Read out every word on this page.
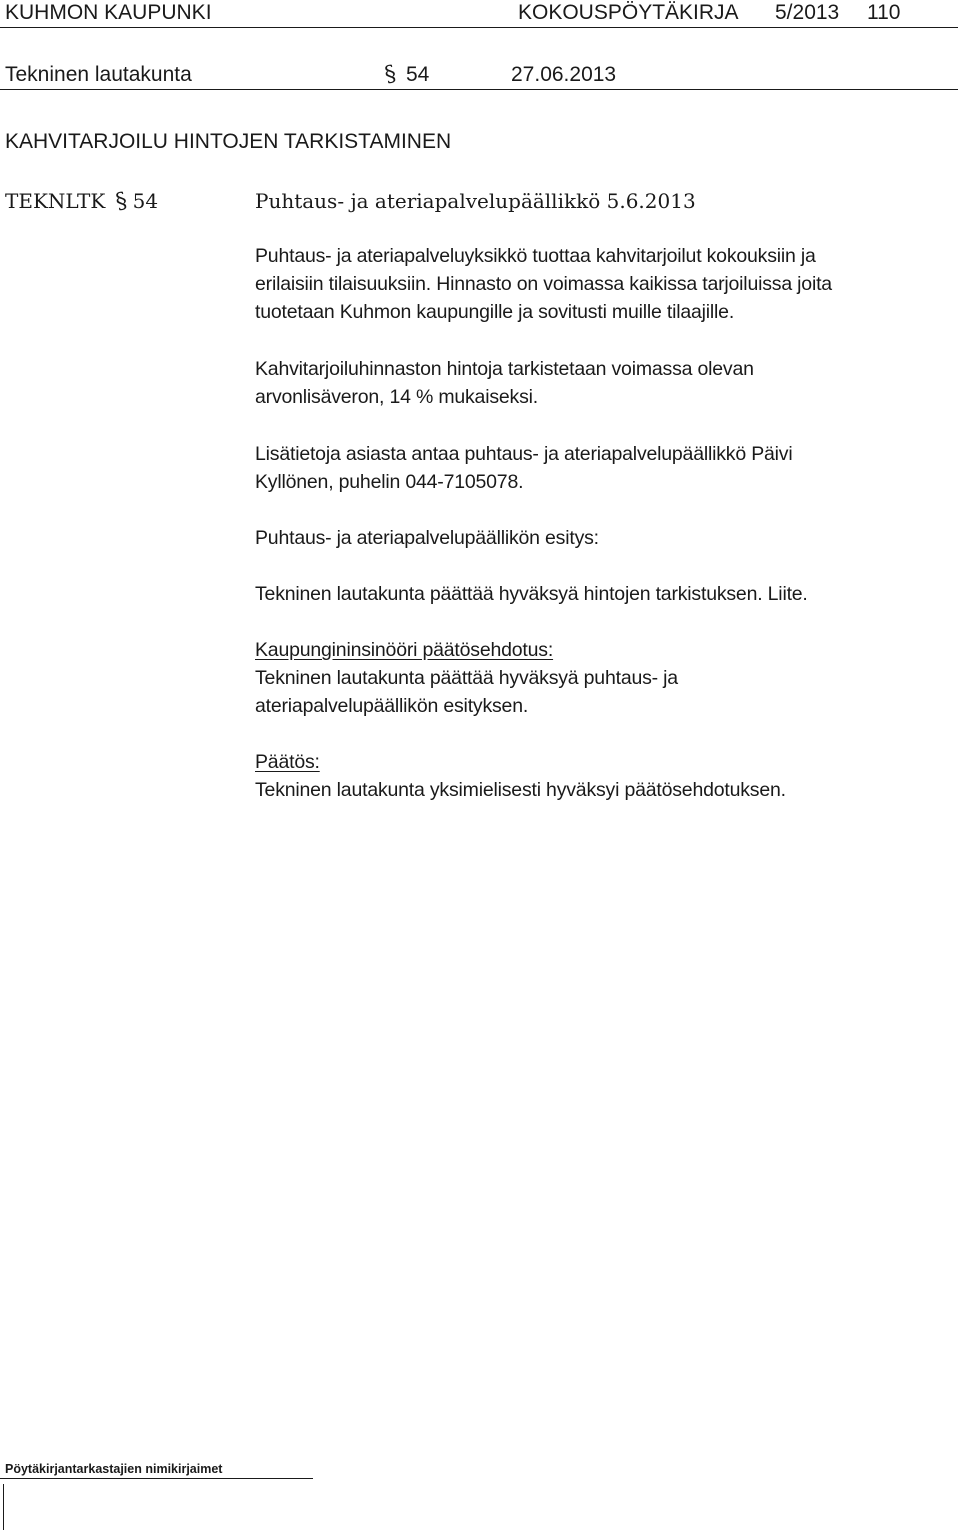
KUHMON KAUPUNKI	KOKOUSPÖYTÄKIRJA 5/2013 110
Tekninen lautakunta	§ 54	27.06.2013
KAHVITARJOILU HINTOJEN TARKISTAMINEN
TEKNLTK § 54	Puhtaus- ja ateriapalvelupäällikkö 5.6.2013

Puhtaus- ja ateriapalveluyksikkö tuottaa kahvitarjoilut kokouksiin ja

erilaisiin tilaisuuksiin. Hinnasto on voimassa kaikissa tarjoiluissa joita

tuotetaan Kuhmon kaupungille ja sovitusti muille tilaajille.

Kahvitarjoiluhinnaston hintoja tarkistetaan voimassa olevan

arvonlisäveron, 14 % mukaiseksi.

Lisätietoja asiasta antaa puhtaus- ja ateriapalvelupäällikkö Päivi

Kyllönen, puhelin 044-7105078.

Puhtaus- ja ateriapalvelupäällikön esitys:

Tekninen lautakunta päättää hyväksyä hintojen tarkistuksen. Liite.

Kaupungininsinööri päätösehdotus:

Tekninen lautakunta päättää hyväksyä puhtaus- ja

ateriapalvelupäällikön esityksen.

Päätös:

Tekninen lautakunta yksimielisesti hyväksyi päätösehdotuksen.

Pöytäkirjantarkastajien nimikirjaimet
